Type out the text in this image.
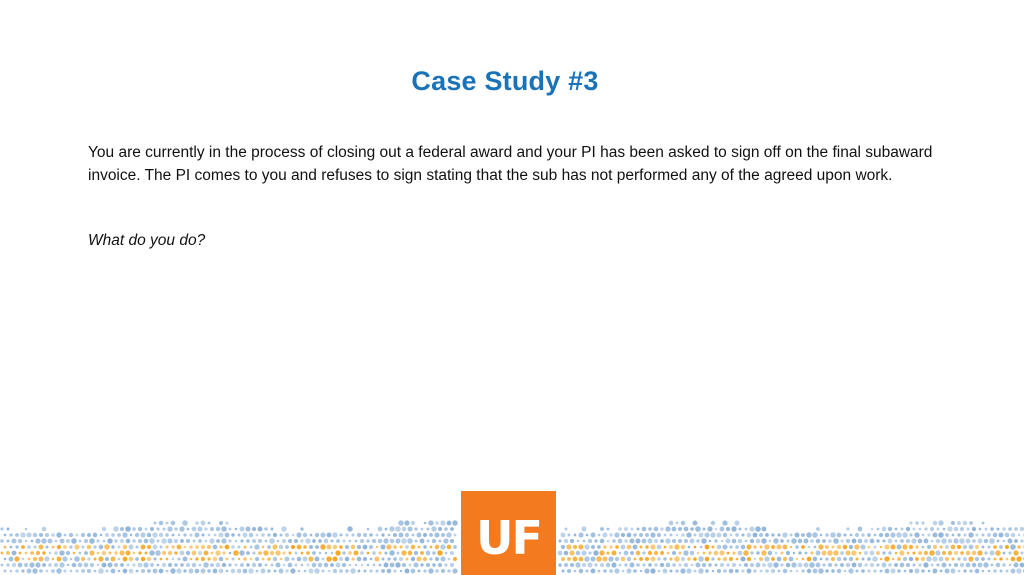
Case Study #3
You are currently in the process of closing out a federal award and your PI has been asked to sign off on the final subaward invoice. The PI comes to you and refuses to sign stating that the sub has not performed any of the agreed upon work.
What do you do?
UF
